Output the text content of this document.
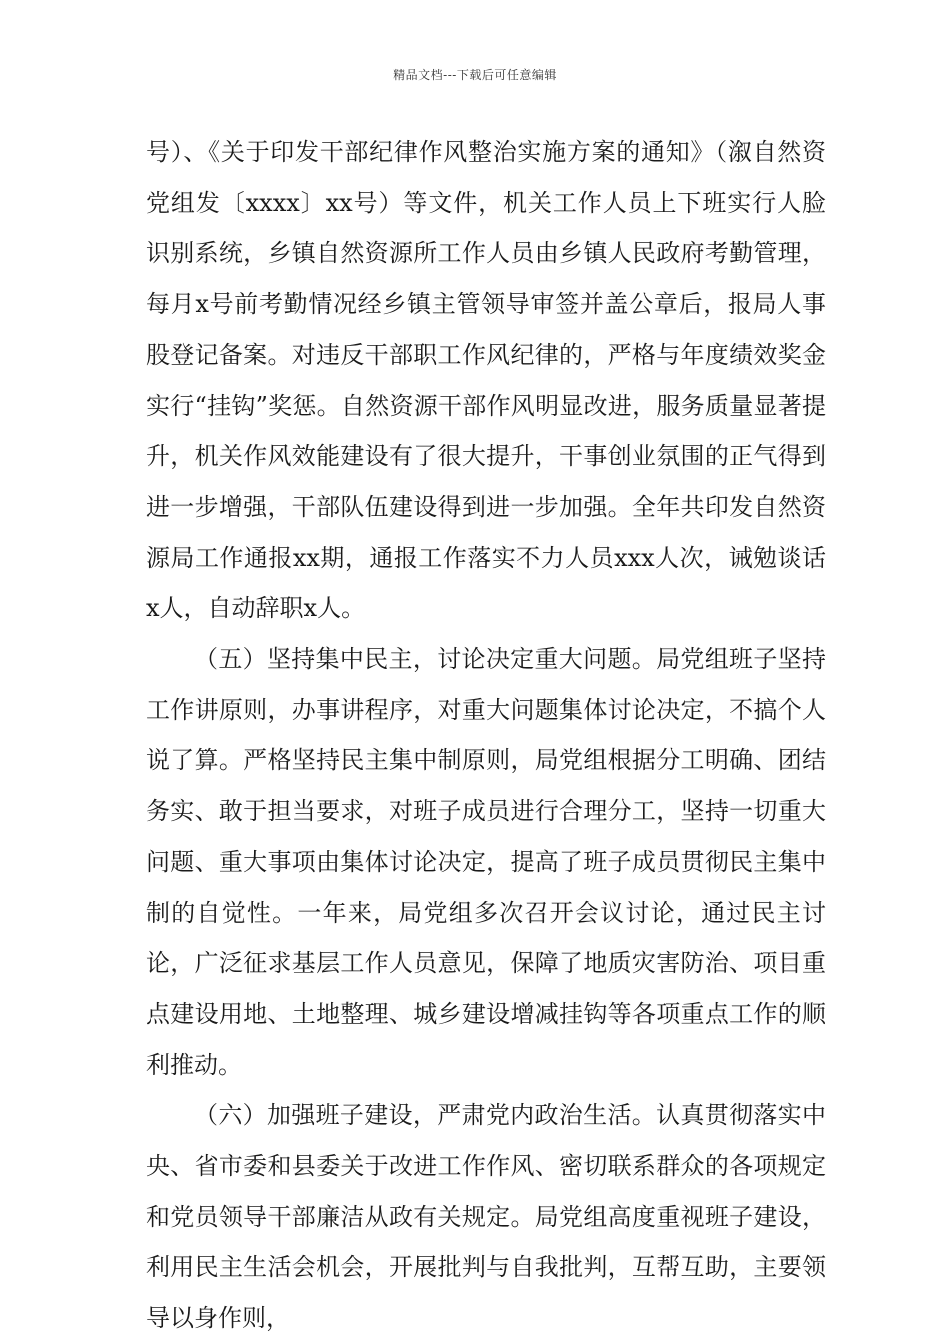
精品文档---下载后可任意编辑

号）、《关于印发干部纪律作风整治实施方案的通知》（溆自然资党组发〔xxxx〕xx号）等文件，机关工作人员上下班实行人脸识别系统，乡镇自然资源所工作人员由乡镇人民政府考勤管理，每月x号前考勤情况经乡镇主管领导审签并盖公章后，报局人事股登记备案。对违反干部职工作风纪律的，严格与年度绩效奖金实行“挂钩”奖惩。自然资源干部作风明显改进，服务质量显著提升，机关作风效能建设有了很大提升，干事创业氛围的正气得到进一步增强，干部队伍建设得到进一步加强。全年共印发自然资源局工作通报xx期，通报工作落实不力人员xxx人次，诫勉谈话x人，自动辞职x人。

（五）坚持集中民主，讨论决定重大问题。局党组班子坚持工作讲原则，办事讲程序，对重大问题集体讨论决定，不搞个人说了算。严格坚持民主集中制原则，局党组根据分工明确、团结务实、敢于担当要求，对班子成员进行合理分工，坚持一切重大问题、重大事项由集体讨论决定，提高了班子成员贯彻民主集中制的自觉性。一年来，局党组多次召开会议讨论，通过民主讨论，广泛征求基层工作人员意见，保障了地质灾害防治、项目重点建设用地、土地整理、城乡建设增减挂钩等各项重点工作的顺利推动。

（六）加强班子建设，严肃党内政治生活。认真贯彻落实中央、省市委和县委关于改进工作作风、密切联系群众的各项规定和党员领导干部廉洁从政有关规定。局党组高度重视班子建设，利用民主生活会机会，开展批判与自我批判，互帮互助，主要领导以身作则，
